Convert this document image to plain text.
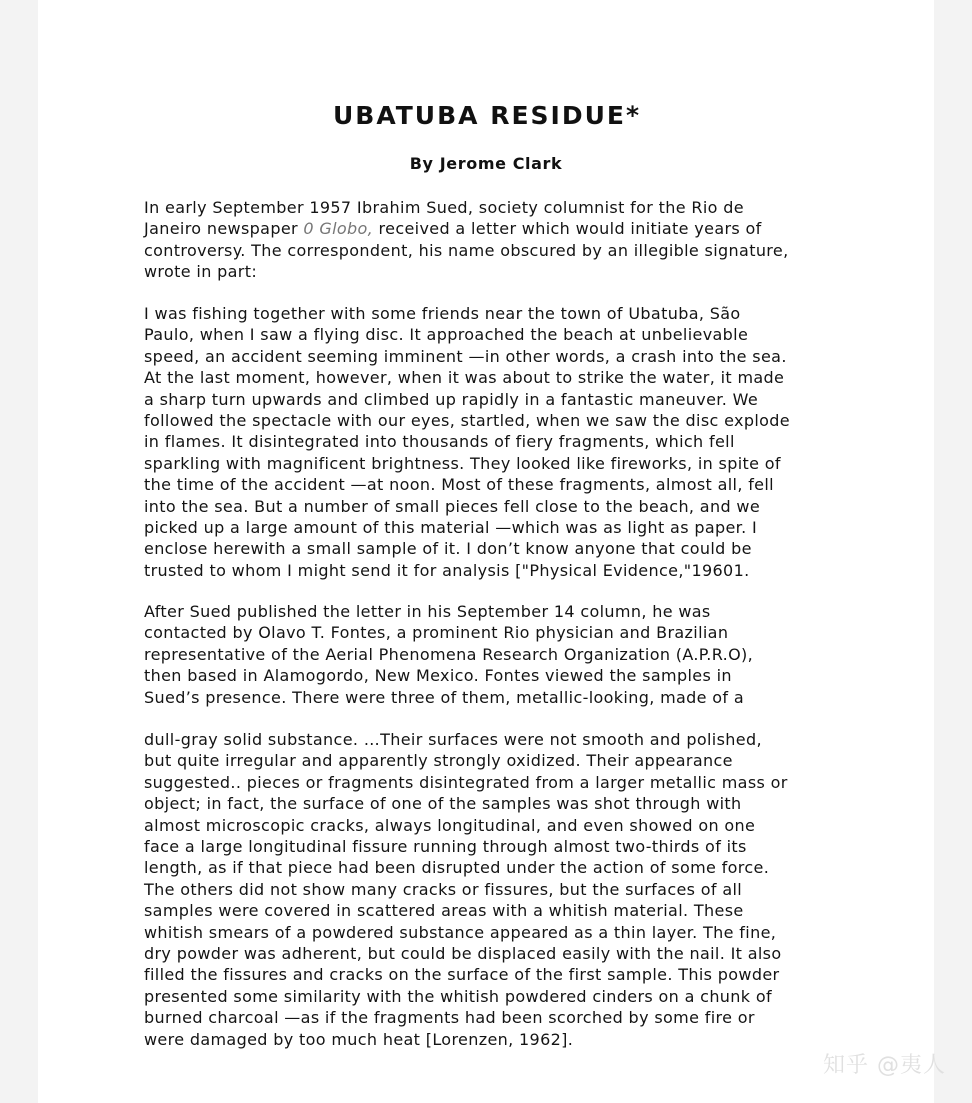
UBATUBA RESIDUE*
By Jerome Clark

In early September 1957 Ibrahim Sued, society columnist for the Rio de
Janeiro newspaper 0 Globo, received a letter which would initiate years of
controversy. The correspondent, his name obscured by an illegible signature,
wrote in part:

I was fishing together with some friends near the town of Ubatuba, São
Paulo, when I saw a flying disc. It approached the beach at unbelievable
speed, an accident seeming imminent —in other words, a crash into the sea.
At the last moment, however, when it was about to strike the water, it made
a sharp turn upwards and climbed up rapidly in a fantastic maneuver. We
followed the spectacle with our eyes, startled, when we saw the disc explode
in flames. It disintegrated into thousands of fiery fragments, which fell
sparkling with magnificent brightness. They looked like fireworks, in spite of
the time of the accident —at noon. Most of these fragments, almost all, fell
into the sea. But a number of small pieces fell close to the beach, and we
picked up a large amount of this material —which was as light as paper. I
enclose herewith a small sample of it. I don’t know anyone that could be
trusted to whom I might send it for analysis ["Physical Evidence,"19601.

After Sued published the letter in his September 14 column, he was
contacted by Olavo T. Fontes, a prominent Rio physician and Brazilian
representative of the Aerial Phenomena Research Organization (A.P.R.O),
then based in Alamogordo, New Mexico. Fontes viewed the samples in
Sued’s presence. There were three of them, metallic-looking, made of a

dull-gray solid substance. …Their surfaces were not smooth and polished,
but quite irregular and apparently strongly oxidized. Their appearance
suggested.. pieces or fragments disintegrated from a larger metallic mass or
object; in fact, the surface of one of the samples was shot through with
almost microscopic cracks, always longitudinal, and even showed on one
face a large longitudinal fissure running through almost two-thirds of its
length, as if that piece had been disrupted under the action of some force.
The others did not show many cracks or fissures, but the surfaces of all
samples were covered in scattered areas with a whitish material. These
whitish smears of a powdered substance appeared as a thin layer. The fine,
dry powder was adherent, but could be displaced easily with the nail. It also
filled the fissures and cracks on the surface of the first sample. This powder
presented some similarity with the whitish powdered cinders on a chunk of
burned charcoal —as if the fragments had been scorched by some fire or
were damaged by too much heat [Lorenzen, 1962].

知乎 @夷人
